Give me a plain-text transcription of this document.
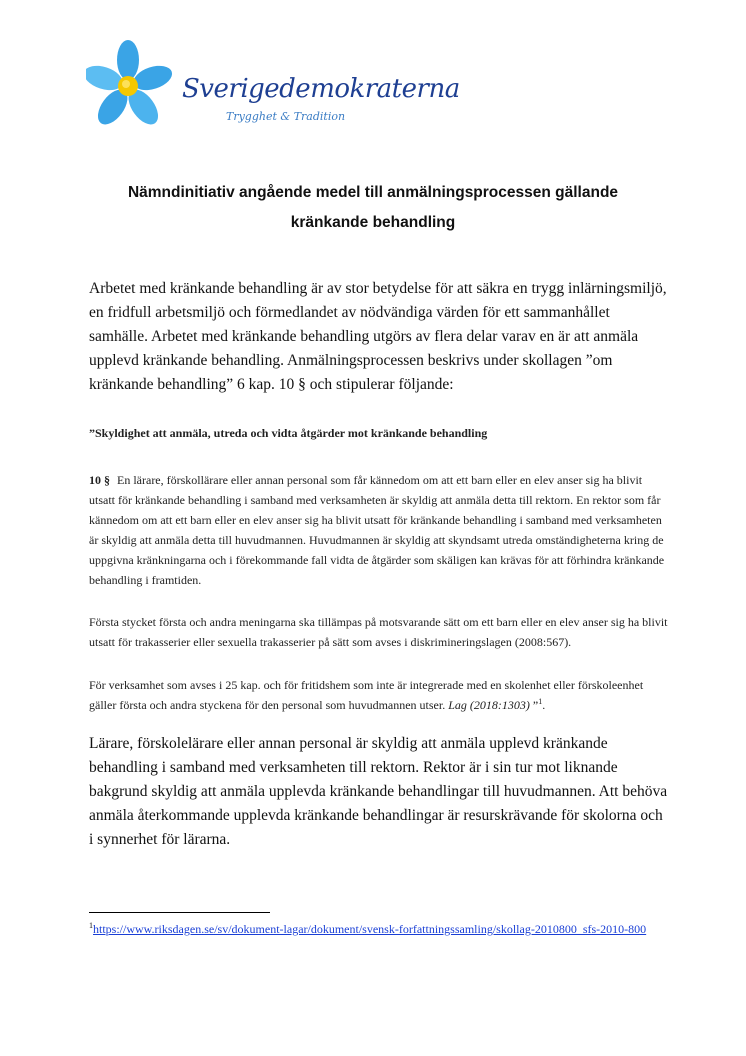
Sverigedemokraterna
Trygghet & Tradition
Nämndinitiativ angående medel till anmälningsprocessen gällande
kränkande behandling
Arbetet med kränkande behandling är av stor betydelse för att säkra en trygg inlärningsmiljö, en fridfull arbetsmiljö och förmedlandet av nödvändiga värden för ett sammanhållet samhälle. Arbetet med kränkande behandling utgörs av flera delar varav en är att anmäla upplevd kränkande behandling. Anmälningsprocessen beskrivs under skollagen ”om kränkande behandling” 6 kap. 10 § och stipulerar följande:
”Skyldighet att anmäla, utreda och vidta åtgärder mot kränkande behandling
10 § En lärare, förskollärare eller annan personal som får kännedom om att ett barn eller en elev anser sig ha blivit utsatt för kränkande behandling i samband med verksamheten är skyldig att anmäla detta till rektorn. En rektor som får kännedom om att ett barn eller en elev anser sig ha blivit utsatt för kränkande behandling i samband med verksamheten är skyldig att anmäla detta till huvudmannen. Huvudmannen är skyldig att skyndsamt utreda omständigheterna kring de uppgivna kränkningarna och i förekommande fall vidta de åtgärder som skäligen kan krävas för att förhindra kränkande behandling i framtiden.
Första stycket första och andra meningarna ska tillämpas på motsvarande sätt om ett barn eller en elev anser sig ha blivit utsatt för trakasserier eller sexuella trakasserier på sätt som avses i diskrimineringslagen (2008:567).
För verksamhet som avses i 25 kap. och för fritidshem som inte är integrerade med en skolenhet eller förskoleenhet gäller första och andra styckena för den personal som huvudmannen utser. Lag (2018:1303) ”$^1$.
Lärare, förskolelärare eller annan personal är skyldig att anmäla upplevd kränkande behandling i samband med verksamheten till rektorn. Rektor är i sin tur mot liknande bakgrund skyldig att anmäla upplevda kränkande behandlingar till huvudmannen. Att behöva anmäla återkommande upplevda kränkande behandlingar är resurskrävande för skolorna och i synnerhet för lärarna.
$^1$https://www.riksdagen.se/sv/dokument-lagar/dokument/svensk-forfattningssamling/skollag-2010800_sfs-2010-800
